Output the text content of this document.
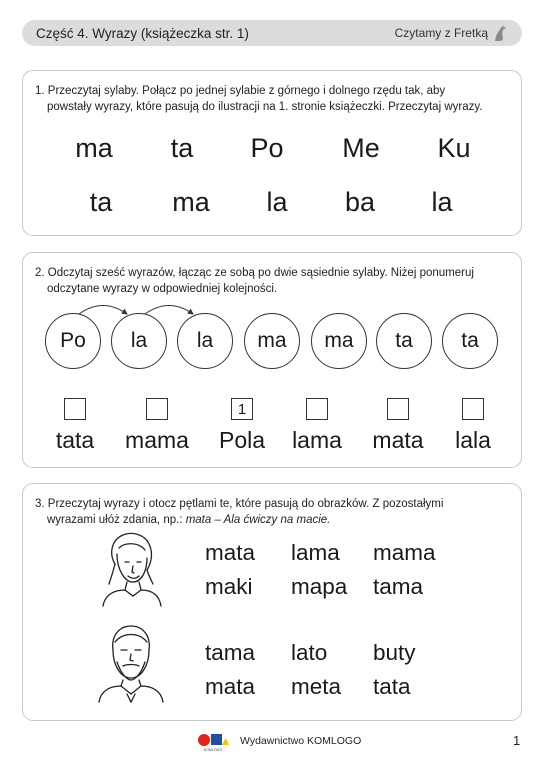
Część 4. Wyrazy (książeczka str. 1)	Czytamy z Fretką
1. Przeczytaj sylaby. Połącz po jednej sylabie z górnego i dolnego rzędu tak, aby
powstały wyrazy, które pasują do ilustracji na 1. stronie książeczki. Przeczytaj wyrazy.
ma ta Po Me Ku
ta ma la ba la
2. Odczytaj sześć wyrazów, łącząc ze sobą po dwie sąsiednie sylaby. Niżej ponumeruj
odczytane wyrazy w odpowiedniej kolejności.
Po	la	la	ma	ma	ta	ta
1
tata mama Pola lama mata lala
3. Przeczytaj wyrazy i otocz pętlami te, które pasują do obrazków. Z pozostałymi
wyrazami ułóż zdania, np.: mata – Ala ćwiczy na macie.
mata lama mama
maki mapa tama
tama lato buty
mata meta tata
KOMLOGO
Wydawnictwo KOMLOGO	1
